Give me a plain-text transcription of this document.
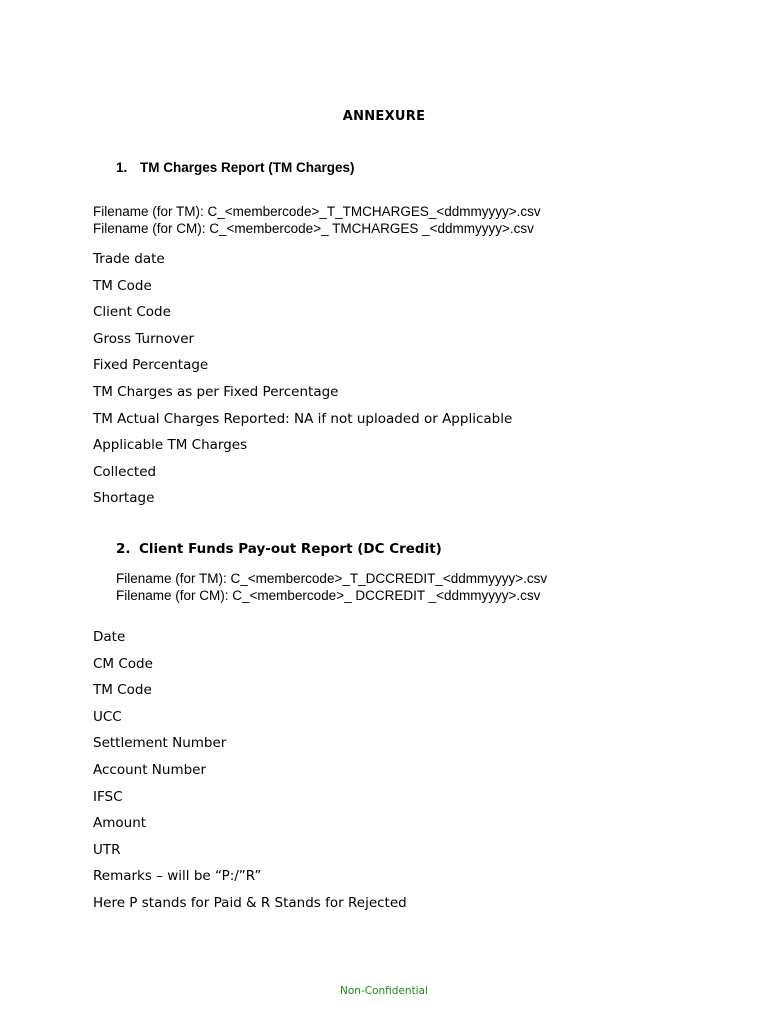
ANNEXURE
1. TM Charges Report (TM Charges)
Filename (for TM): C_<membercode>_T_TMCHARGES_<ddmmyyyy>.csv
Filename (for CM): C_<membercode>_ TMCHARGES _<ddmmyyyy>.csv
Trade date
TM Code
Client Code
Gross Turnover
Fixed Percentage
TM Charges as per Fixed Percentage
TM Actual Charges Reported: NA if not uploaded or Applicable
Applicable TM Charges
Collected
Shortage
2. Client Funds Pay-out Report (DC Credit)
Filename (for TM): C_<membercode>_T_DCCREDIT_<ddmmyyyy>.csv
Filename (for CM): C_<membercode>_ DCCREDIT _<ddmmyyyy>.csv
Date
CM Code
TM Code
UCC
Settlement Number
Account Number
IFSC
Amount
UTR
Remarks – will be “P:/”R”
Here P stands for Paid & R Stands for Rejected
Non-Confidential
